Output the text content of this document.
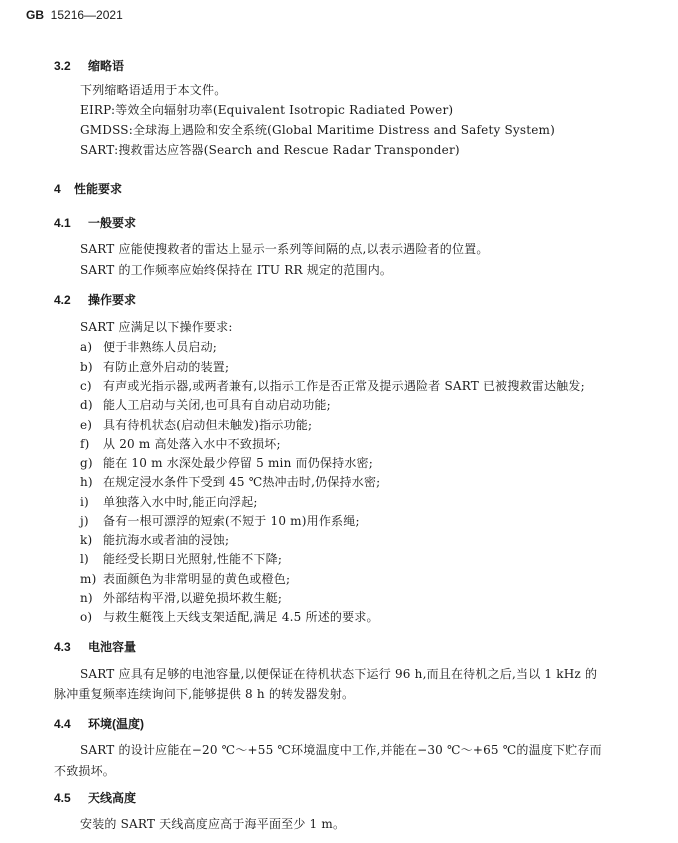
GB 15216—2021
3.2 缩略语
下列缩略语适用于本文件。
EIRP:等效全向辐射功率(Equivalent Isotropic Radiated Power)
GMDSS:全球海上遇险和安全系统(Global Maritime Distress and Safety System)
SART:搜救雷达应答器(Search and Rescue Radar Transponder)
4 性能要求
4.1 一般要求
SART 应能使搜救者的雷达上显示一系列等间隔的点,以表示遇险者的位置。
SART 的工作频率应始终保持在 ITU RR 规定的范围内。
4.2 操作要求
SART 应满足以下操作要求:
a) 便于非熟练人员启动;
b) 有防止意外启动的装置;
c) 有声或光指示器,或两者兼有,以指示工作是否正常及提示遇险者 SART 已被搜救雷达触发;
d) 能人工启动与关闭,也可具有自动启动功能;
e) 具有待机状态(启动但未触发)指示功能;
f) 从 20 m 高处落入水中不致损坏;
g) 能在 10 m 水深处最少停留 5 min 而仍保持水密;
h) 在规定浸水条件下受到 45 ℃热冲击时,仍保持水密;
i) 单独落入水中时,能正向浮起;
j) 备有一根可漂浮的短索(不短于 10 m)用作系绳;
k) 能抗海水或者油的浸蚀;
l) 能经受长期日光照射,性能不下降;
m) 表面颜色为非常明显的黄色或橙色;
n) 外部结构平滑,以避免损坏救生艇;
o) 与救生艇筏上天线支架适配,满足 4.5 所述的要求。
4.3 电池容量
SART 应具有足够的电池容量,以便保证在待机状态下运行 96 h,而且在待机之后,当以 1 kHz 的
脉冲重复频率连续询问下,能够提供 8 h 的转发器发射。
4.4 环境(温度)
SART 的设计应能在−20 ℃～+55 ℃环境温度中工作,并能在−30 ℃～+65 ℃的温度下贮存而
不致损坏。
4.5 天线高度
安装的 SART 天线高度应高于海平面至少 1 m。
